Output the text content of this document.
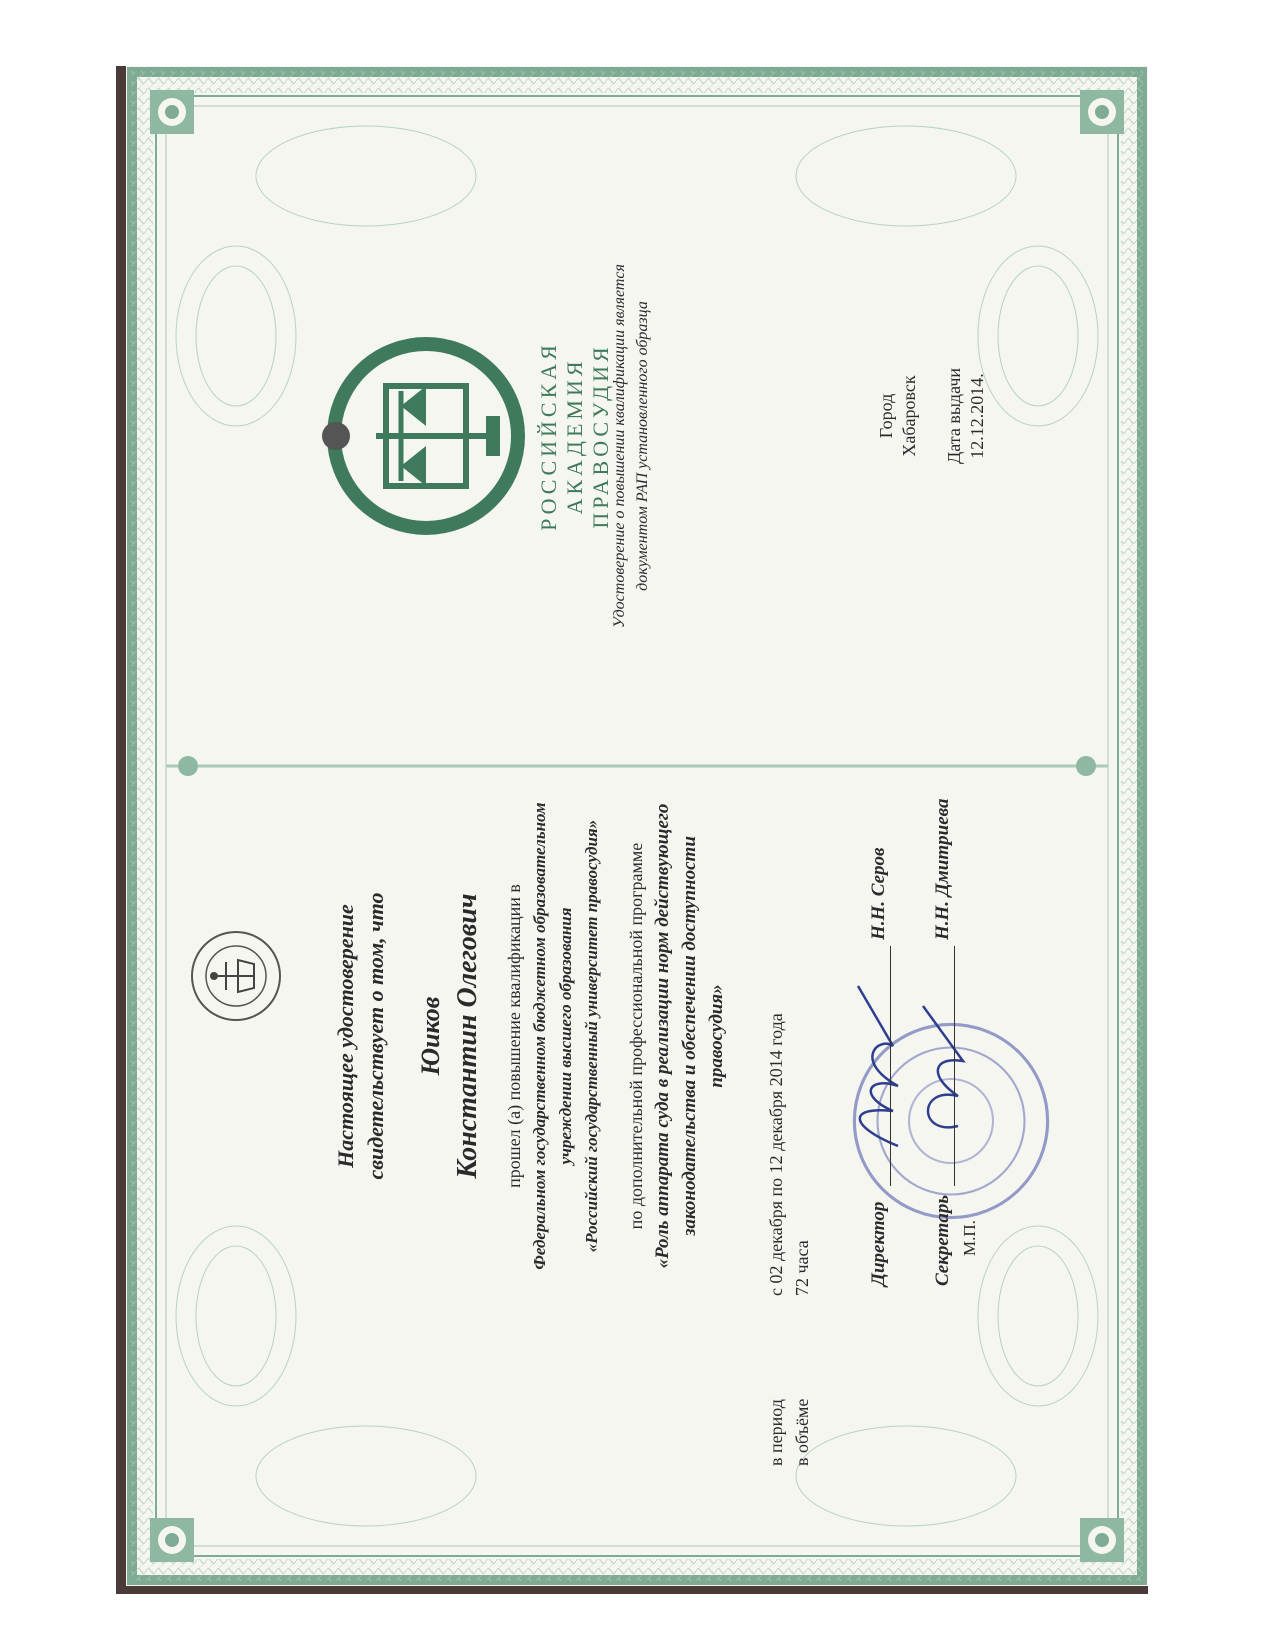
Настоящее удостоверение свидетельствует о том, что Юиков Константин Олегович прошел (а) повышение квалификации в Федеральном государственном бюджетном образовательном учреждении высшего образования «Российский государственный университет правосудия» по дополнительной профессиональной программе «Роль аппарата суда в реализации норм действующего законодательства и обеспечении доступности правосудия»
в период
с 02 декабря по 12 декабря 2014 года
в объёме
72 часа	Директор
Н.Н. Серов
Секретарь
Н.Н. Дмитриева
М.П.
РОССИЙСКАЯ АКАДЕМИЯ ПРАВОСУДИЯ
Удостоверение о повышении квалификации является документом РАП установленного образца	Город Хабаровск Дата выдачи 12.12.2014.
